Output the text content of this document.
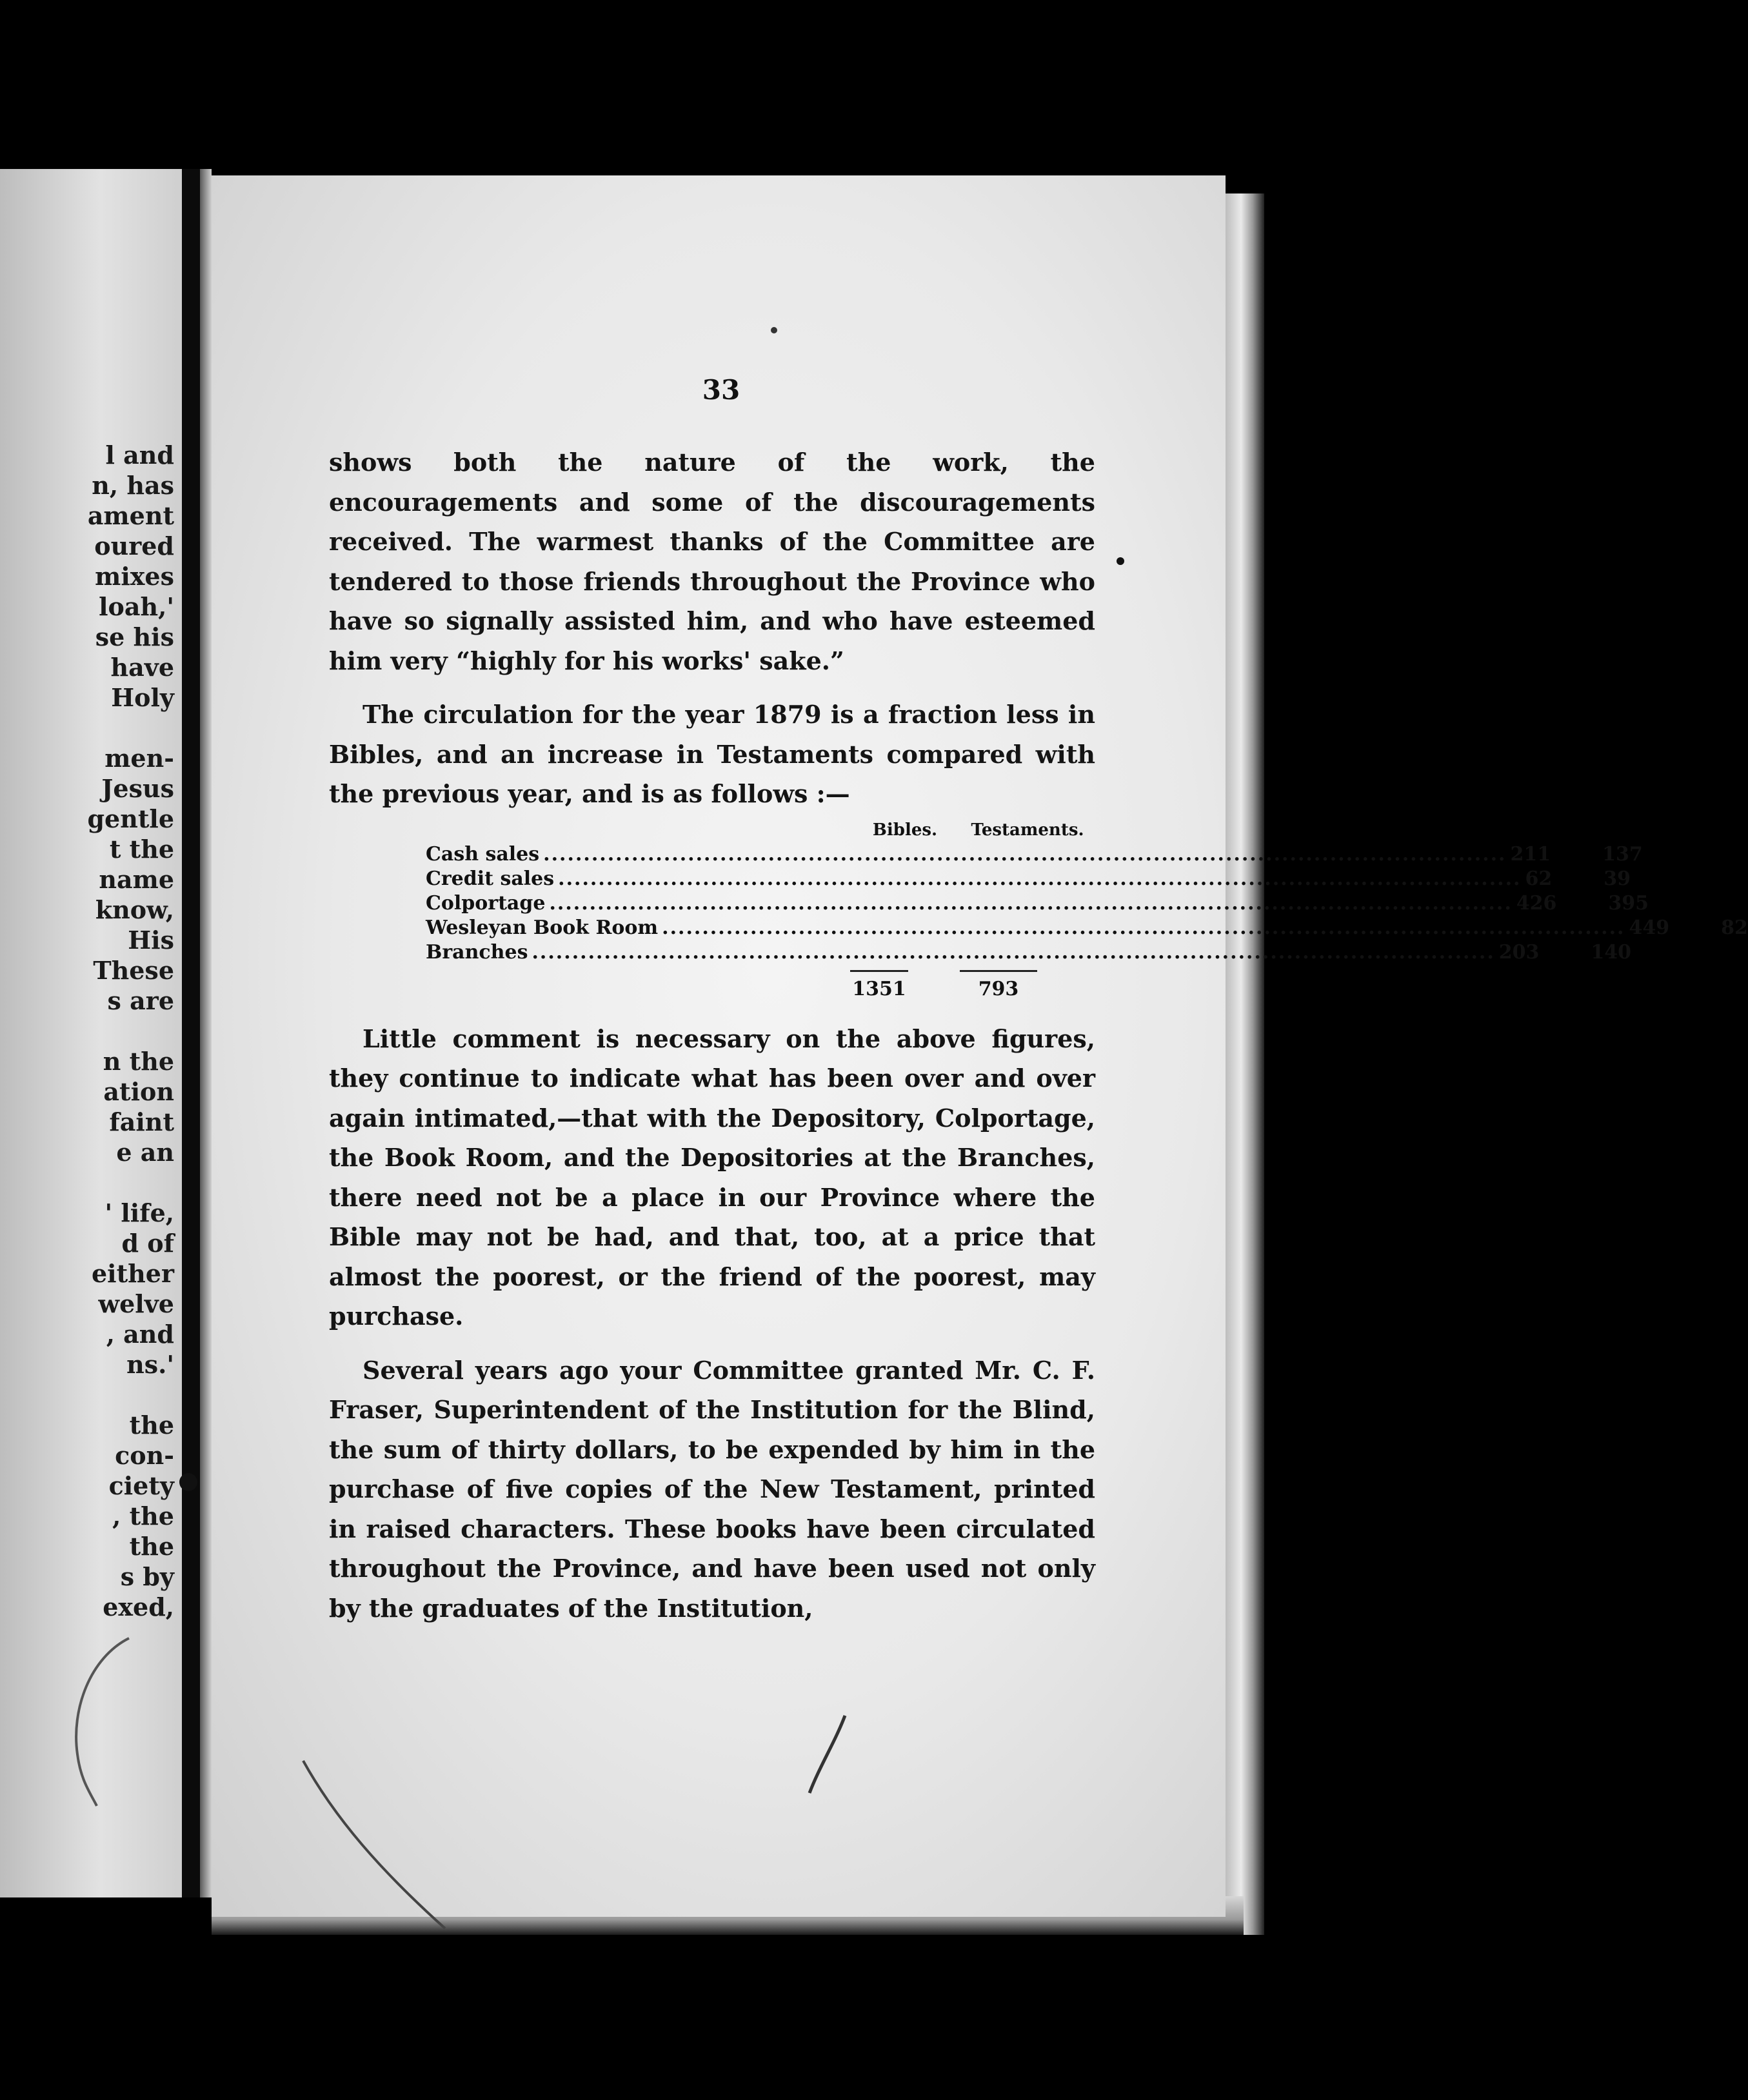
l and
n, has
ament
oured
mixes
loah,'
se his
have
Holy
men-
Jesus
gentle
t the
name
know,
His
These
s are
n the
ation
faint
e an
' life,
d of
either
welve
, and
ns.'
the
con-
ciety
, the
the
s by
exed,
33

shows both the nature of the work, the encouragements and some of the discouragements received. The warmest thanks of the Committee are tendered to those friends throughout the Province who have so signally assisted him, and who have esteemed him very “highly for his works' sake.”

The circulation for the year 1879 is a fraction less in Bibles, and an increase in Testaments compared with the previous year, and is as follows :—

Bibles.	Testaments.
Cash sales ........................................................................................................................ 211	137
Credit sales ........................................................................................................................ 62	39
Colportage ........................................................................................................................ 426	395
Wesleyan Book Room ........................................................................................................................ 449	82
Branches ........................................................................................................................ 203	140
1351	793

Little comment is necessary on the above figures, they continue to indicate what has been over and over again intimated,—that with the Depository, Colportage, the Book Room, and the Depositories at the Branches, there need not be a place in our Province where the Bible may not be had, and that, too, at a price that almost the poorest, or the friend of the poorest, may purchase.

Several years ago your Committee granted Mr. C. F. Fraser, Superintendent of the Institution for the Blind, the sum of thirty dollars, to be expended by him in the purchase of five copies of the New Testament, printed in raised characters. These books have been circulated throughout the Province, and have been used not only by the graduates of the Institution,
